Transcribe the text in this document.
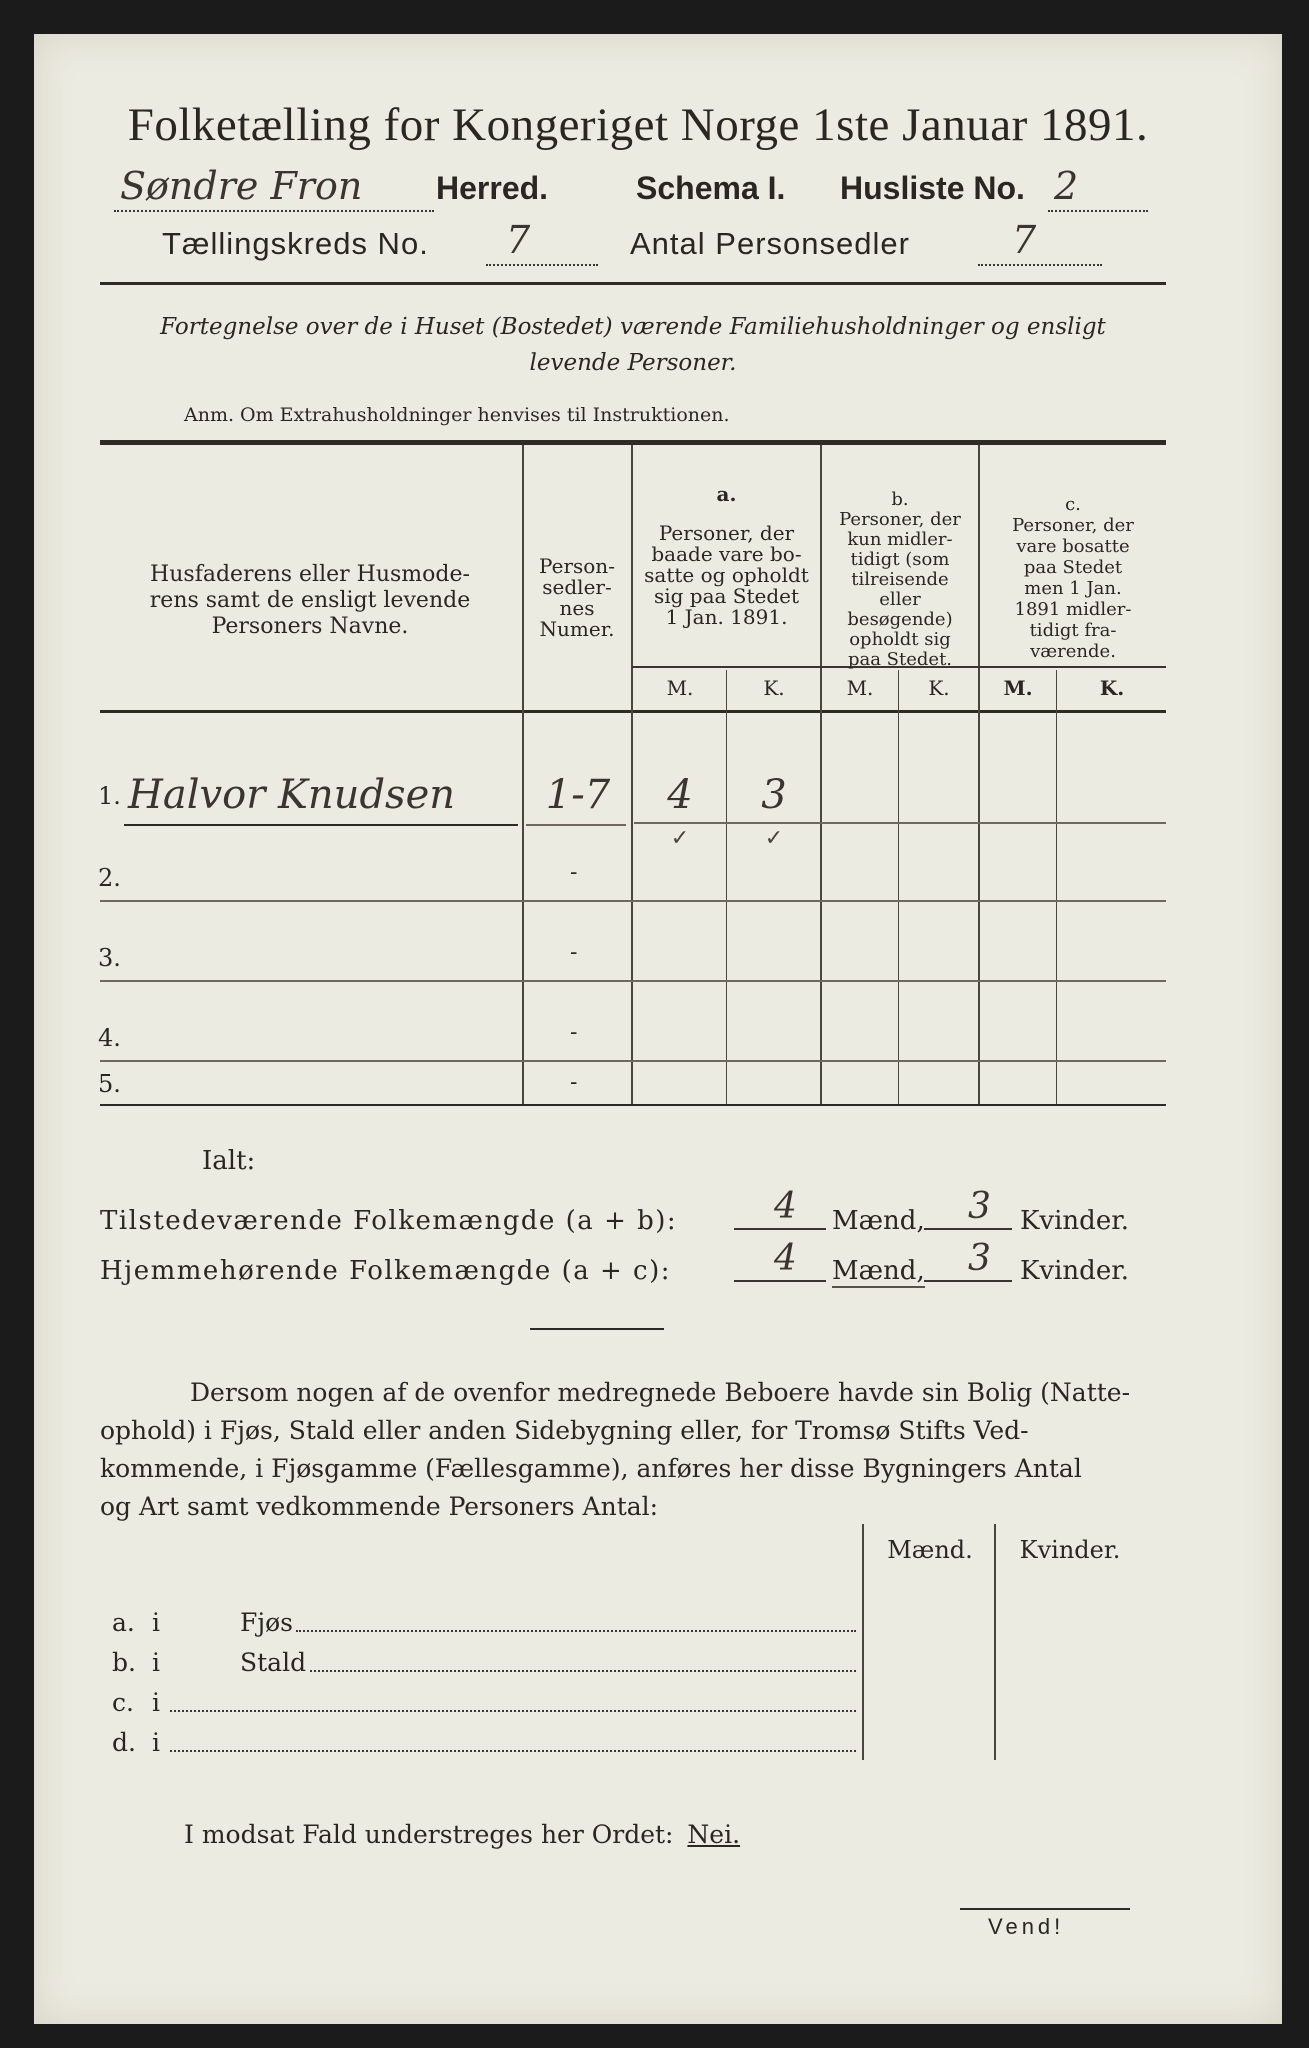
Folketælling for Kongeriget Norge 1ste Januar 1891.
Søndre Fron Herred.	Schema I. Husliste No. 2
Tællingskreds No. 7	Antal Personsedler	7
Fortegnelse over de i Huset (Bostedet) værende Familiehusholdninger og ensligt
levende Personer.
Anm. Om Extrahusholdninger henvises til Instruktionen.
Husfaderens eller Husmode-
rens samt de ensligt levende
Personers Navne.
Person-
sedler-
nes
Numer.
a.
Personer, der
baade vare bo-
satte og opholdt
sig paa Stedet
1 Jan. 1891.
b.
Personer, der
kun midler-
tidigt (som
tilreisende
eller
besøgende)
opholdt sig
paa Stedet.
c.
Personer, der
vare bosatte
paa Stedet
men 1 Jan.
1891 midler-
tidigt fra-
værende.
M.	K.	M.	K.	M.	K.
1. Halvor Knudsen	1-7	4	3
✓	✓
2.	-
3.	-
4.	-
5.	-
Ialt:
Tilstedeværende Folkemængde (a + b):	4 Mænd, 3 Kvinder.
Hjemmehørende Folkemængde (a + c):	4 Mænd, 3 Kvinder.
Dersom nogen af de ovenfor medregnede Beboere havde sin Bolig (Natte-
ophold) i Fjøs, Stald eller anden Sidebygning eller, for Tromsø Stifts Ved-
kommende, i Fjøsgamme (Fællesgamme), anføres her disse Bygningers Antal
og Art samt vedkommende Personers Antal:
Mænd.	Kvinder.
a. i	Fjøs
b. i	Stald
c. i
d. i
I modsat Fald understreges her Ordet: Nei.
Vend!
